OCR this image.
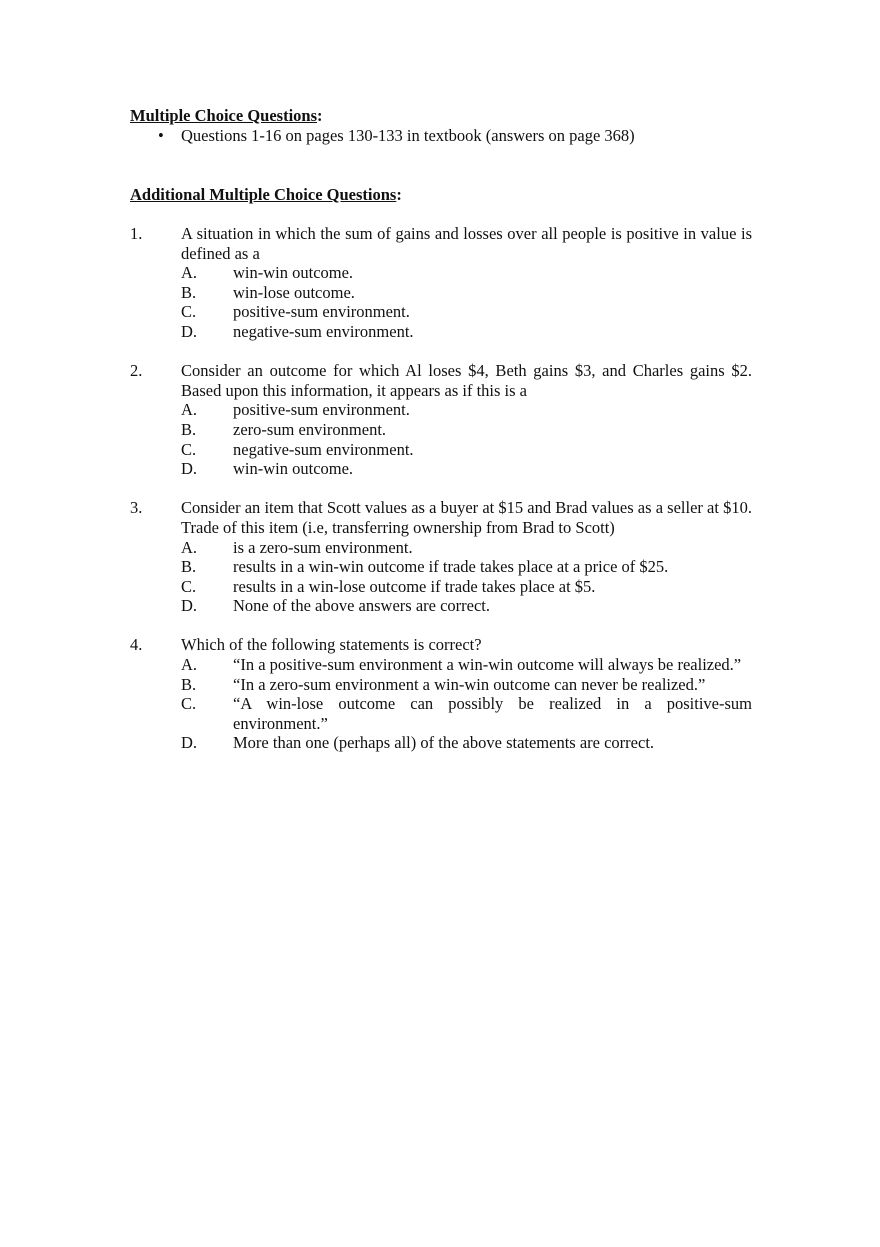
Multiple Choice Questions:
• Questions 1-16 on pages 130-133 in textbook (answers on page 368)
Additional Multiple Choice Questions:
1. A situation in which the sum of gains and losses over all people is positive in value is defined as a
A. win-win outcome.
B. win-lose outcome.
C. positive-sum environment.
D. negative-sum environment.
2. Consider an outcome for which Al loses $4, Beth gains $3, and Charles gains $2. Based upon this information, it appears as if this is a
A. positive-sum environment.
B. zero-sum environment.
C. negative-sum environment.
D. win-win outcome.
3. Consider an item that Scott values as a buyer at $15 and Brad values as a seller at $10. Trade of this item (i.e, transferring ownership from Brad to Scott)
A. is a zero-sum environment.
B. results in a win-win outcome if trade takes place at a price of $25.
C. results in a win-lose outcome if trade takes place at $5.
D. None of the above answers are correct.
4. Which of the following statements is correct?
A. “In a positive-sum environment a win-win outcome will always be realized.”
B. “In a zero-sum environment a win-win outcome can never be realized.”
C. “A win-lose outcome can possibly be realized in a positive-sum environment.”
D. More than one (perhaps all) of the above statements are correct.
